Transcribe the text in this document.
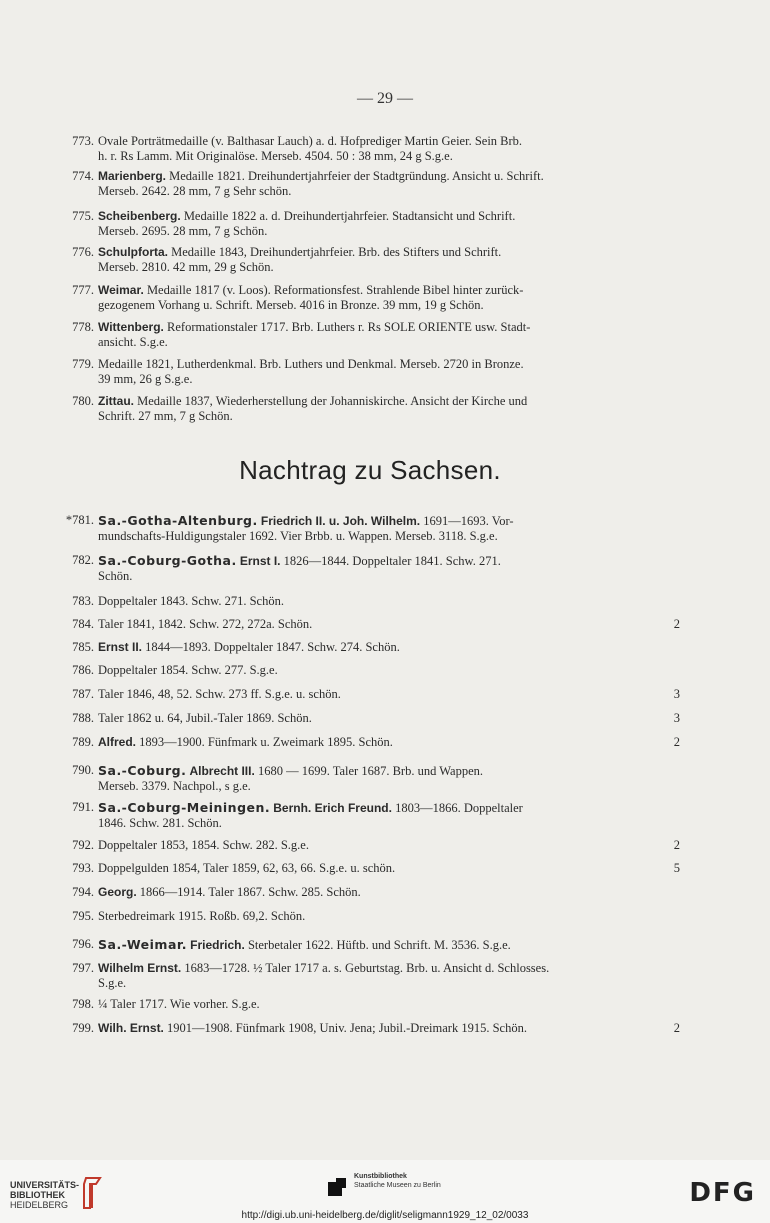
— 29 —
773. Ovale Porträtmedaille (v. Balthasar Lauch) a. d. Hofprediger Martin Geier. Sein Brb.
h. r. Rs Lamm. Mit Originalöse. Merseb. 4504. 50 : 38 mm, 24 g S.g.e.
774. Marienberg. Medaille 1821. Dreihundertjahrfeier der Stadtgründung. Ansicht u. Schrift.
Merseb. 2642. 28 mm, 7 g Sehr schön.
775. Scheibenberg. Medaille 1822 a. d. Dreihundertjahrfeier. Stadtansicht und Schrift.
Merseb. 2695. 28 mm, 7 g Schön.
776. Schulpforta. Medaille 1843, Dreihundertjahrfeier. Brb. des Stifters und Schrift.
Merseb. 2810. 42 mm, 29 g Schön.
777. Weimar. Medaille 1817 (v. Loos). Reformationsfest. Strahlende Bibel hinter zurück-
gezogenem Vorhang u. Schrift. Merseb. 4016 in Bronze. 39 mm, 19 g Schön.
778. Wittenberg. Reformationstaler 1717. Brb. Luthers r. Rs SOLE ORIENTE usw. Stadt-
ansicht. S.g.e.
779. Medaille 1821, Lutherdenkmal. Brb. Luthers und Denkmal. Merseb. 2720 in Bronze.
39 mm, 26 g S.g.e.
780. Zittau. Medaille 1837, Wiederherstellung der Johanniskirche. Ansicht der Kirche und
Schrift. 27 mm, 7 g Schön.
Nachtrag zu Sachsen.
*781. Sa.-Gotha-Altenburg. Friedrich II. u. Joh. Wilhelm. 1691—1693. Vor-
mundschafts-Huldigungstaler 1692. Vier Brbb. u. Wappen. Merseb. 3118. S.g.e.
782. Sa.-Coburg-Gotha. Ernst I. 1826—1844. Doppeltaler 1841. Schw. 271.
Schön.
783. Doppeltaler 1843. Schw. 271. Schön.
784. Taler 1841, 1842. Schw. 272, 272a. Schön.	2
785. Ernst II. 1844—1893. Doppeltaler 1847. Schw. 274. Schön.
786. Doppeltaler 1854. Schw. 277. S.g.e.
787. Taler 1846, 48, 52. Schw. 273 ff. S.g.e. u. schön.	3
788. Taler 1862 u. 64, Jubil.-Taler 1869. Schön.	3
789. Alfred. 1893—1900. Fünfmark u. Zweimark 1895. Schön.	2
790. Sa.-Coburg. Albrecht III. 1680 — 1699. Taler 1687. Brb. und Wappen.
Merseb. 3379. Nachpol., s g.e.
791. Sa.-Coburg-Meiningen. Bernh. Erich Freund. 1803—1866. Doppeltaler
1846. Schw. 281. Schön.
792. Doppeltaler 1853, 1854. Schw. 282. S.g.e.	2
793. Doppelgulden 1854, Taler 1859, 62, 63, 66. S.g.e. u. schön.	5
794. Georg. 1866—1914. Taler 1867. Schw. 285. Schön.
795. Sterbedreimark 1915. Roßb. 69,2. Schön.
796. Sa.-Weimar. Friedrich. Sterbetaler 1622. Hüftb. und Schrift. M. 3536. S.g.e.
797. Wilhelm Ernst. 1683—1728. ½ Taler 1717 a. s. Geburtstag. Brb. u. Ansicht d. Schlosses.
S.g.e.
798. ¼ Taler 1717. Wie vorher. S.g.e.
799. Wilh. Ernst. 1901—1908. Fünfmark 1908, Univ. Jena; Jubil.-Dreimark 1915. Schön.	2
UNIVERSITÄTS-
BIBLIOTHEK
HEIDELBERG
Kunstbibliothek
Staatliche Museen zu Berlin	DFG
http://digi.ub.uni-heidelberg.de/diglit/seligmann1929_12_02/0033
